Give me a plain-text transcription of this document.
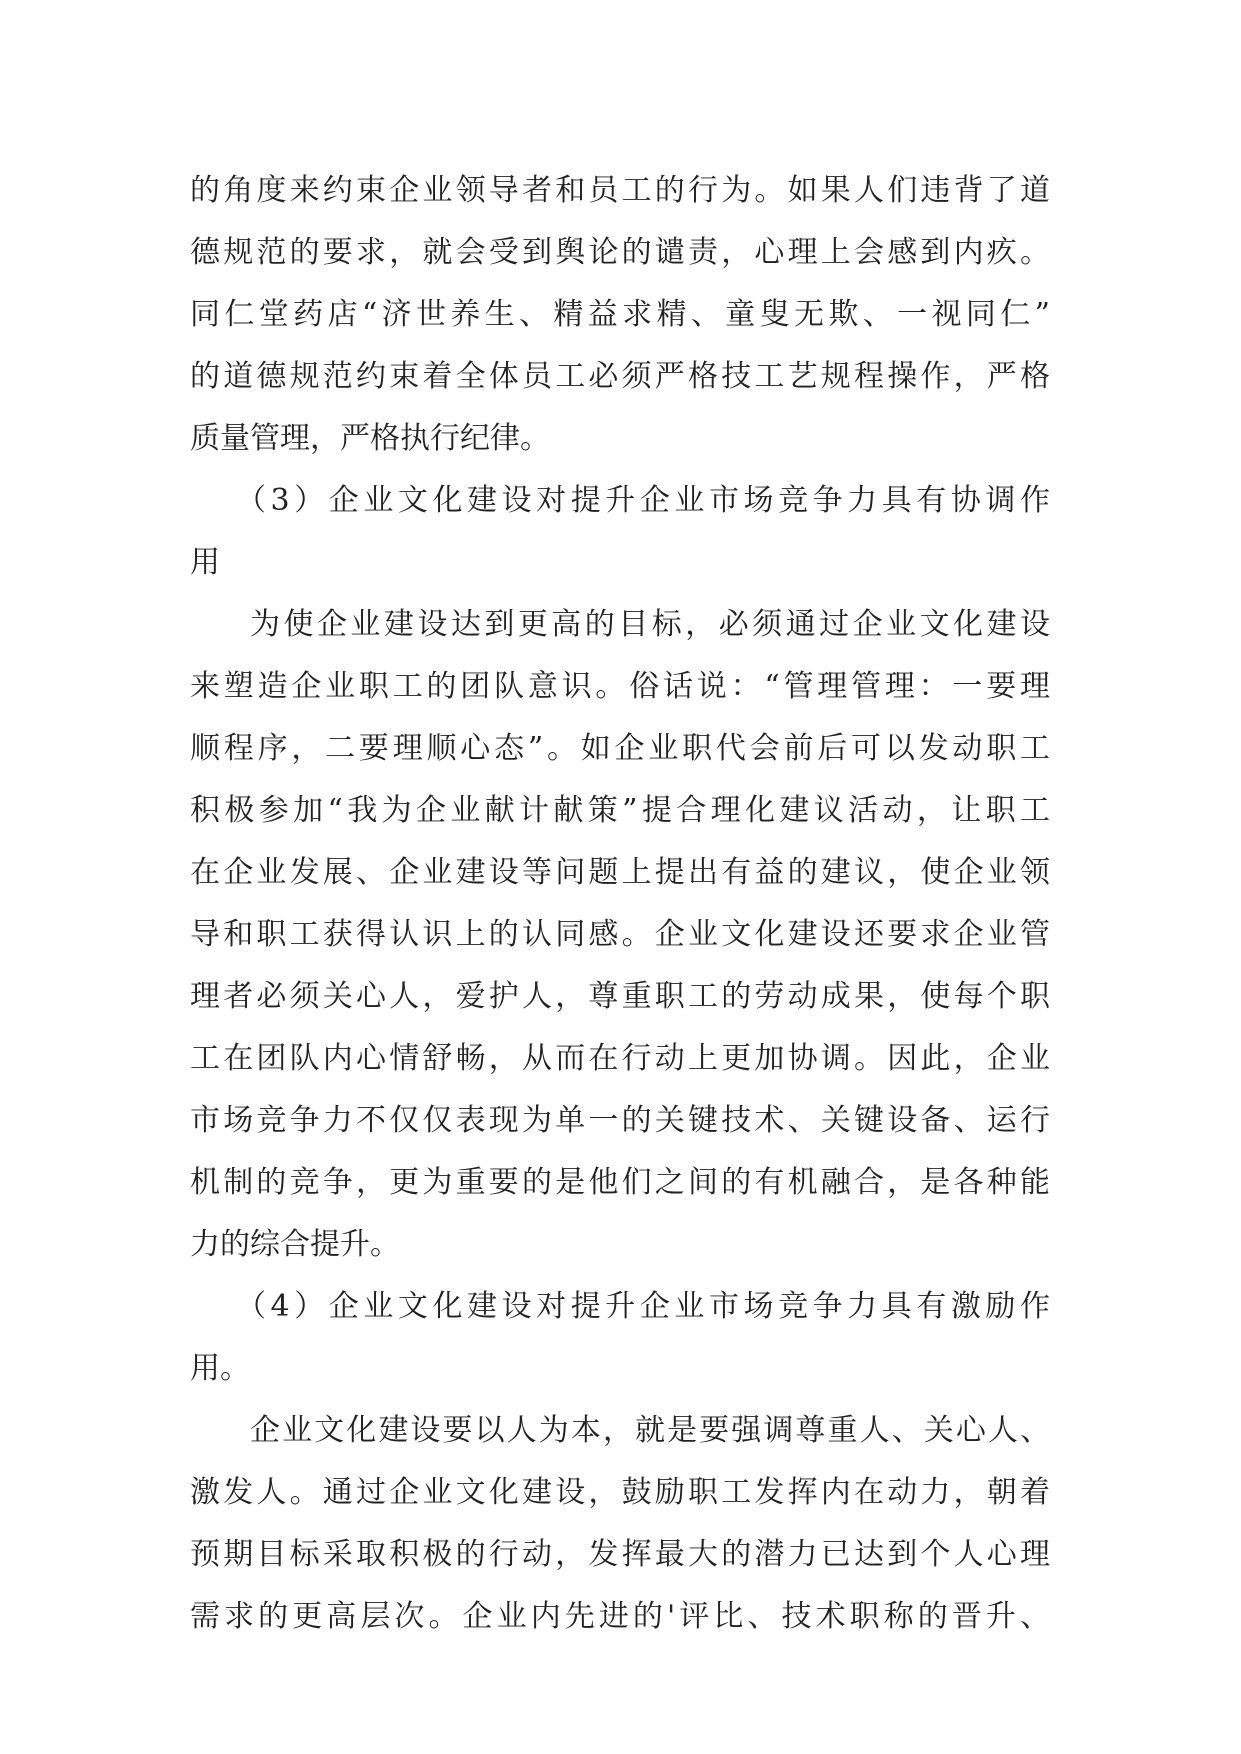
的角度来约束企业领导者和员工的行为。如果人们违背了道
德规范的要求，就会受到舆论的谴责，心理上会感到内疚。
同仁堂药店“济世养生、精益求精、童叟无欺、一视同仁”
的道德规范约束着全体员工必须严格技工艺规程操作，严格
质量管理，严格执行纪律。
（3）企业文化建设对提升企业市场竞争力具有协调作
用
为使企业建设达到更高的目标，必须通过企业文化建设
来塑造企业职工的团队意识。俗话说：“管理管理：一要理
顺程序，二要理顺心态”。如企业职代会前后可以发动职工
积极参加“我为企业献计献策”提合理化建议活动，让职工
在企业发展、企业建设等问题上提出有益的建议，使企业领
导和职工获得认识上的认同感。企业文化建设还要求企业管
理者必须关心人，爱护人，尊重职工的劳动成果，使每个职
工在团队内心情舒畅，从而在行动上更加协调。因此，企业
市场竞争力不仅仅表现为单一的关键技术、关键设备、运行
机制的竞争，更为重要的是他们之间的有机融合，是各种能
力的综合提升。
（4）企业文化建设对提升企业市场竞争力具有激励作
用。
企业文化建设要以人为本，就是要强调尊重人、关心人、
激发人。通过企业文化建设，鼓励职工发挥内在动力，朝着
预期目标采取积极的行动，发挥最大的潜力已达到个人心理
需求的更高层次。企业内先进的'评比、技术职称的晋升、
